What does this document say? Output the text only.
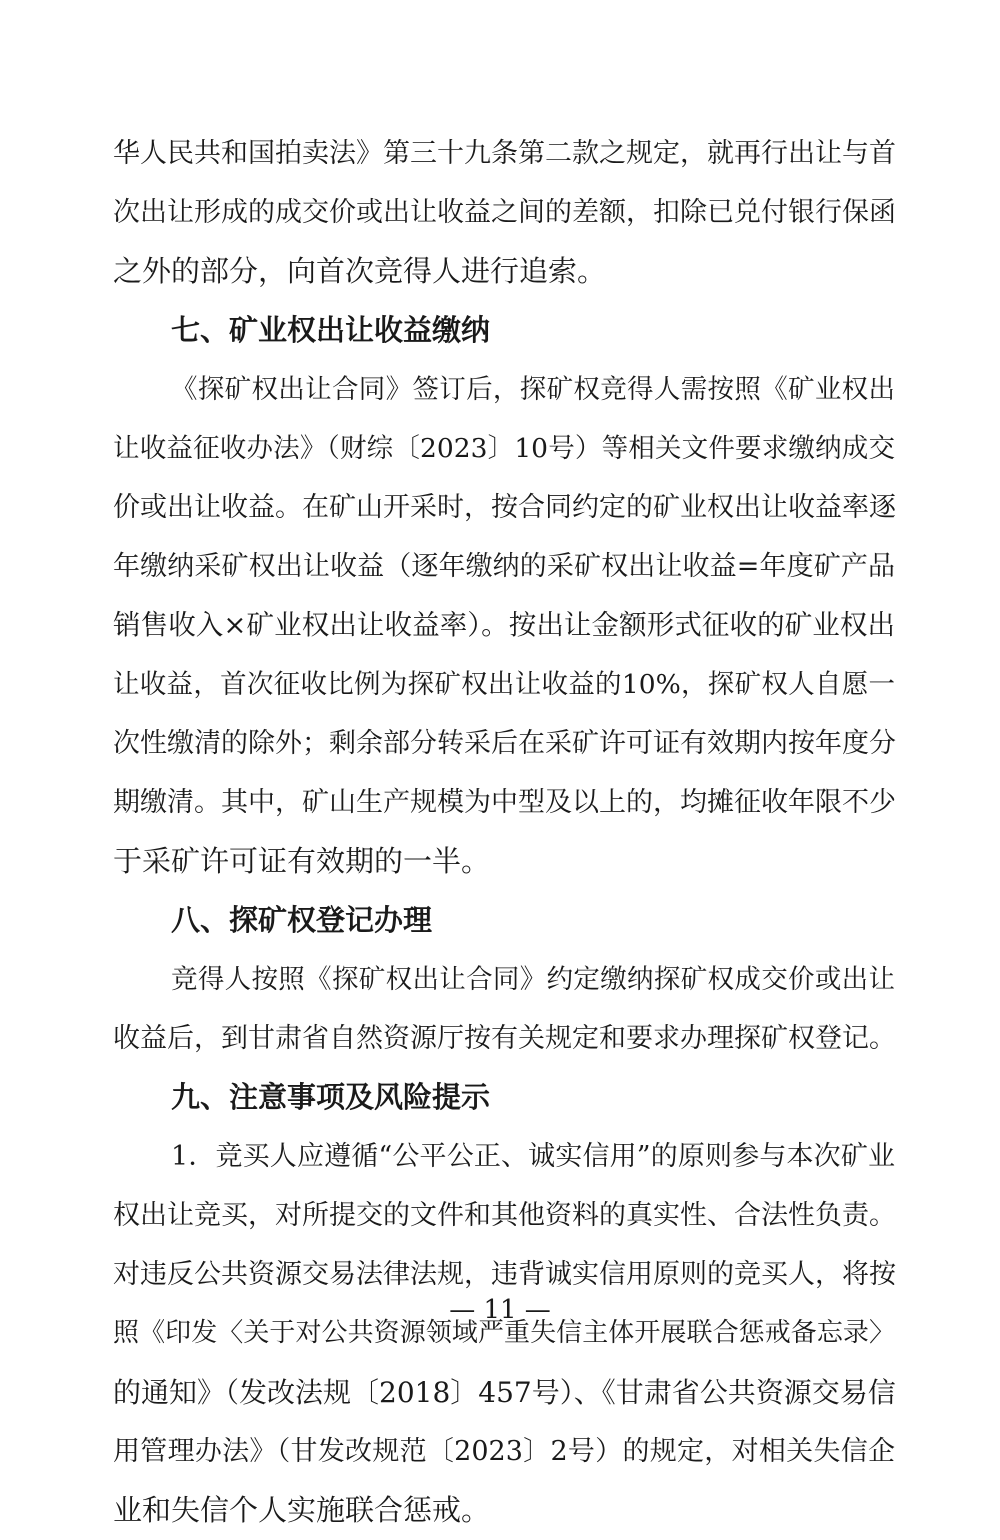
华人民共和国拍卖法》第三十九条第二款之规定，就再行出让与首
次出让形成的成交价或出让收益之间的差额，扣除已兑付银行保函
之外的部分，向首次竞得人进行追索。
七、矿业权出让收益缴纳
《探矿权出让合同》签订后，探矿权竞得人需按照《矿业权出
让收益征收办法》（财综〔2023〕10号）等相关文件要求缴纳成交
价或出让收益。在矿山开采时，按合同约定的矿业权出让收益率逐
年缴纳采矿权出让收益（逐年缴纳的采矿权出让收益=年度矿产品
销售收入×矿业权出让收益率）。按出让金额形式征收的矿业权出
让收益，首次征收比例为探矿权出让收益的10%，探矿权人自愿一
次性缴清的除外；剩余部分转采后在采矿许可证有效期内按年度分
期缴清。其中，矿山生产规模为中型及以上的，均摊征收年限不少
于采矿许可证有效期的一半。
八、探矿权登记办理
竞得人按照《探矿权出让合同》约定缴纳探矿权成交价或出让
收益后，到甘肃省自然资源厅按有关规定和要求办理探矿权登记。
九、注意事项及风险提示
1．竞买人应遵循“公平公正、诚实信用”的原则参与本次矿业
权出让竞买，对所提交的文件和其他资料的真实性、合法性负责。
对违反公共资源交易法律法规，违背诚实信用原则的竞买人，将按
照《印发〈关于对公共资源领域严重失信主体开展联合惩戒备忘录〉
的通知》（发改法规〔2018〕457号）、《甘肃省公共资源交易信
用管理办法》（甘发改规范〔2023〕2号）的规定，对相关失信企
业和失信个人实施联合惩戒。
— 11 —
